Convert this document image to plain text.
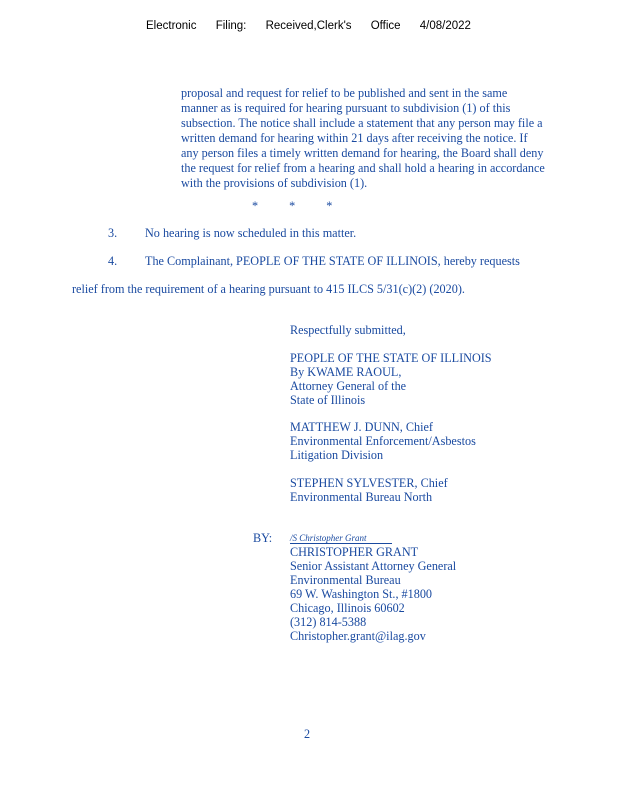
Electronic Filing: Received,Clerk's Office 4/08/2022

proposal and request for relief to be published and sent in the same

manner as is required for hearing pursuant to subdivision (1) of this

subsection. The notice shall include a statement that any person may file a

written demand for hearing within 21 days after receiving the notice. If

any person files a timely written demand for hearing, the Board shall deny

the request for relief from a hearing and shall hold a hearing in accordance

with the provisions of subdivision (1).

*	*	*
3. No hearing is now scheduled in this matter.
4. The Complainant, PEOPLE OF THE STATE OF ILLINOIS, hereby requests
relief from the requirement of a hearing pursuant to 415 ILCS 5/31(c)(2) (2020).
Respectfully submitted,
PEOPLE OF THE STATE OF ILLINOIS
By KWAME RAOUL,
Attorney General of the
State of Illinois
MATTHEW J. DUNN, Chief
Environmental Enforcement/Asbestos
Litigation Division
STEPHEN SYLVESTER, Chief
Environmental Bureau North
BY: /S Christopher Grant
CHRISTOPHER GRANT
Senior Assistant Attorney General
Environmental Bureau
69 W. Washington St., #1800
Chicago, Illinois 60602
(312) 814-5388
Christopher.grant@ilag.gov
2
